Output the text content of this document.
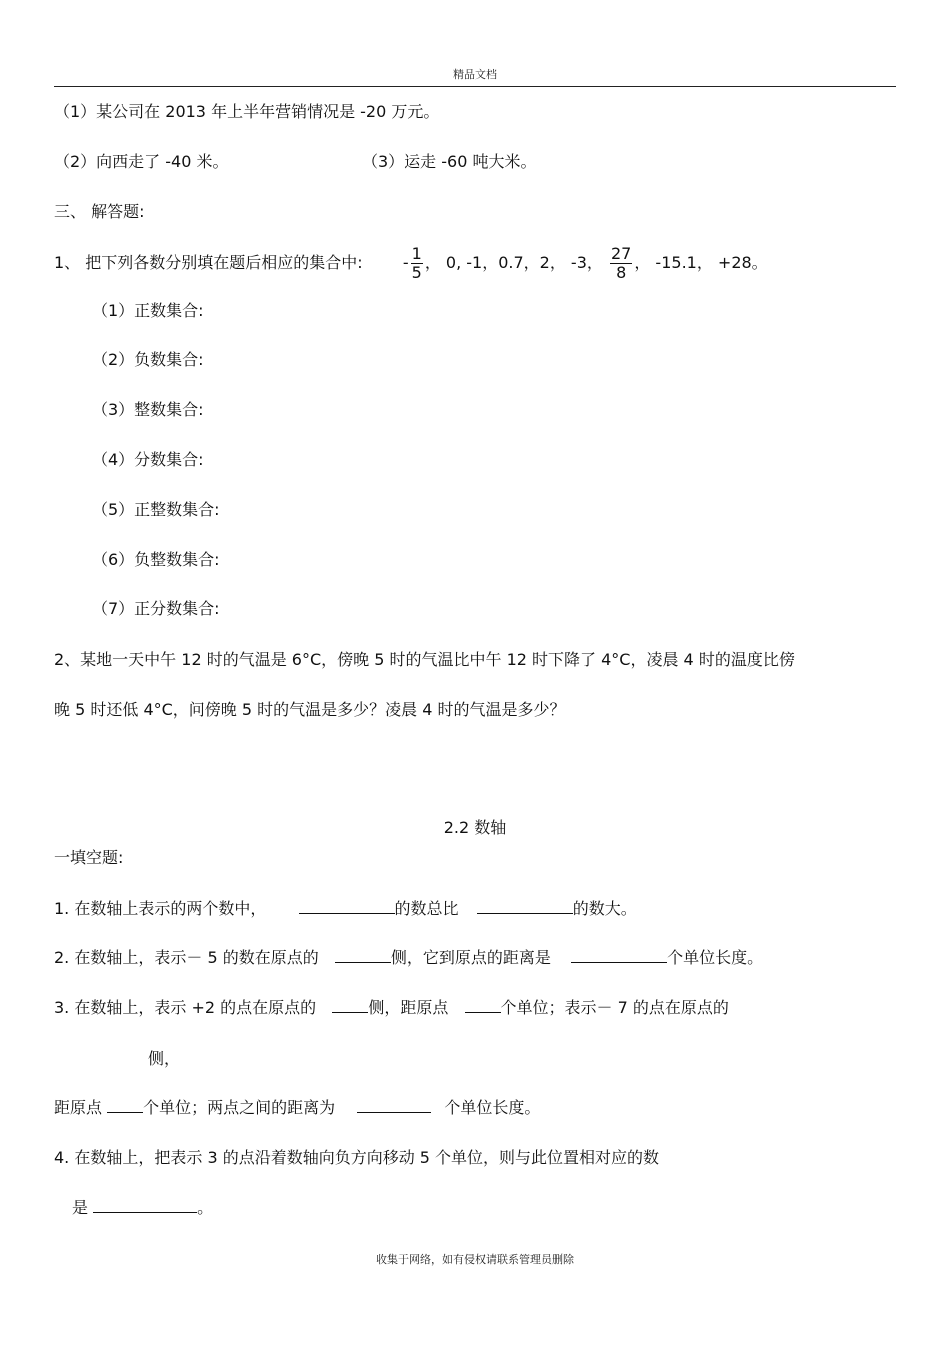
精品文档
（1）某公司在 2013 年上半年营销情况是 -20 万元。
（2）向西走了 -40 米。	（3）运走 -60 吨大米。
三、 解答题:
1、 把下列各数分别填在题后相应的集合中:	- $\frac{1}{5}$ ， 0, -1，0.7，2， -3， $\frac{27}{8}$ ， -15.1， +28。
（1）正数集合:
（2）负数集合:
（3）整数集合:
（4）分数集合:
（5）正整数集合:
（6）负整数集合:
（7）正分数集合:
2、某地一天中午 12 时的气温是 6°C，傍晚 5 时的气温比中午 12 时下降了 4°C，凌晨 4 时的温度比傍
晚 5 时还低 4°C，问傍晚 5 时的气温是多少？凌晨 4 时的气温是多少？
2.2 数轴
一填空题:
1. 在数轴上表示的两个数中，	的数总比	的数大。
2. 在数轴上，表示－ 5 的数在原点的	侧，它到原点的距离是	个单位长度。
3. 在数轴上，表示 +2 的点在原点的	侧，距原点	个单位；表示－ 7 的点在原点的
侧，
距原点	个单位；两点之间的距离为	个单位长度。
4. 在数轴上，把表示 3 的点沿着数轴向负方向移动 5 个单位，则与此位置相对应的数
是	。
收集于网络，如有侵权请联系管理员删除
